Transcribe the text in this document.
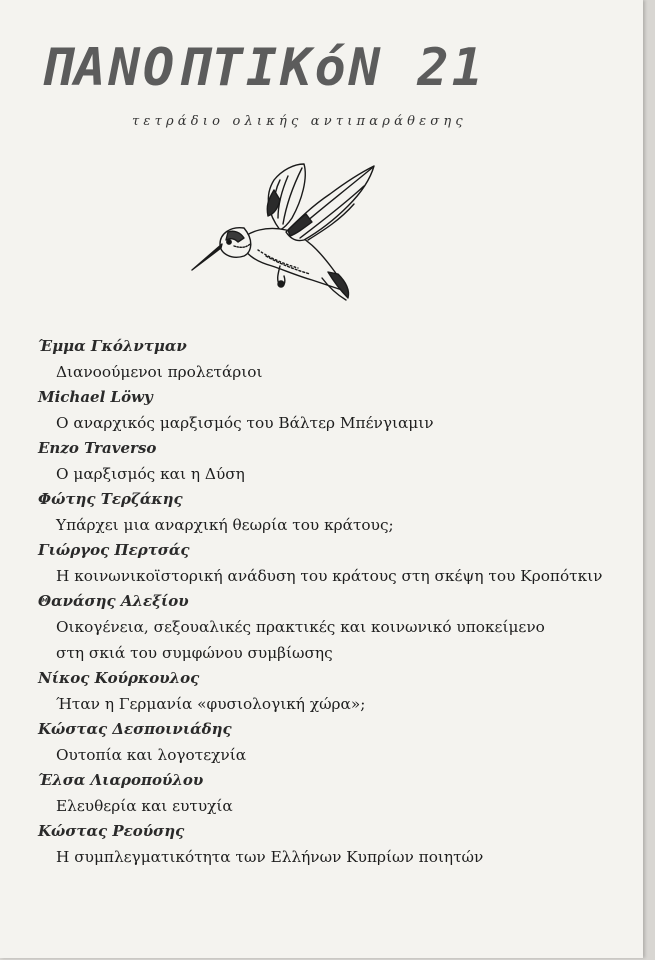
ΠΑΝΟΠΤΙΚόΝ 21
τετράδιο ολικής αντιπαράθεσης
Έμμα Γκόλντμαν
Διανοούμενοι προλετάριοι
Michael Löwy
Ο αναρχικός μαρξισμός του Βάλτερ Μπένγιαμιν
Enzo Traverso
Ο μαρξισμός και η Δύση
Φώτης Τερζάκης
Υπάρχει μια αναρχική θεωρία του κράτους;
Γιώργος Περτσάς
Η κοινωνικοϊστορική ανάδυση του κράτους στη σκέψη του Κροπότκιν
Θανάσης Αλεξίου
Οικογένεια, σεξουαλικές πρακτικές και κοινωνικό υποκείμενο
στη σκιά του συμφώνου συμβίωσης
Νίκος Κούρκουλος
Ήταν η Γερμανία «φυσιολογική χώρα»;
Κώστας Δεσποινιάδης
Ουτοπία και λογοτεχνία
Έλσα Λιαροπούλου
Ελευθερία και ευτυχία
Κώστας Ρεούσης
Η συμπλεγματικότητα των Ελλήνων Κυπρίων ποιητών
